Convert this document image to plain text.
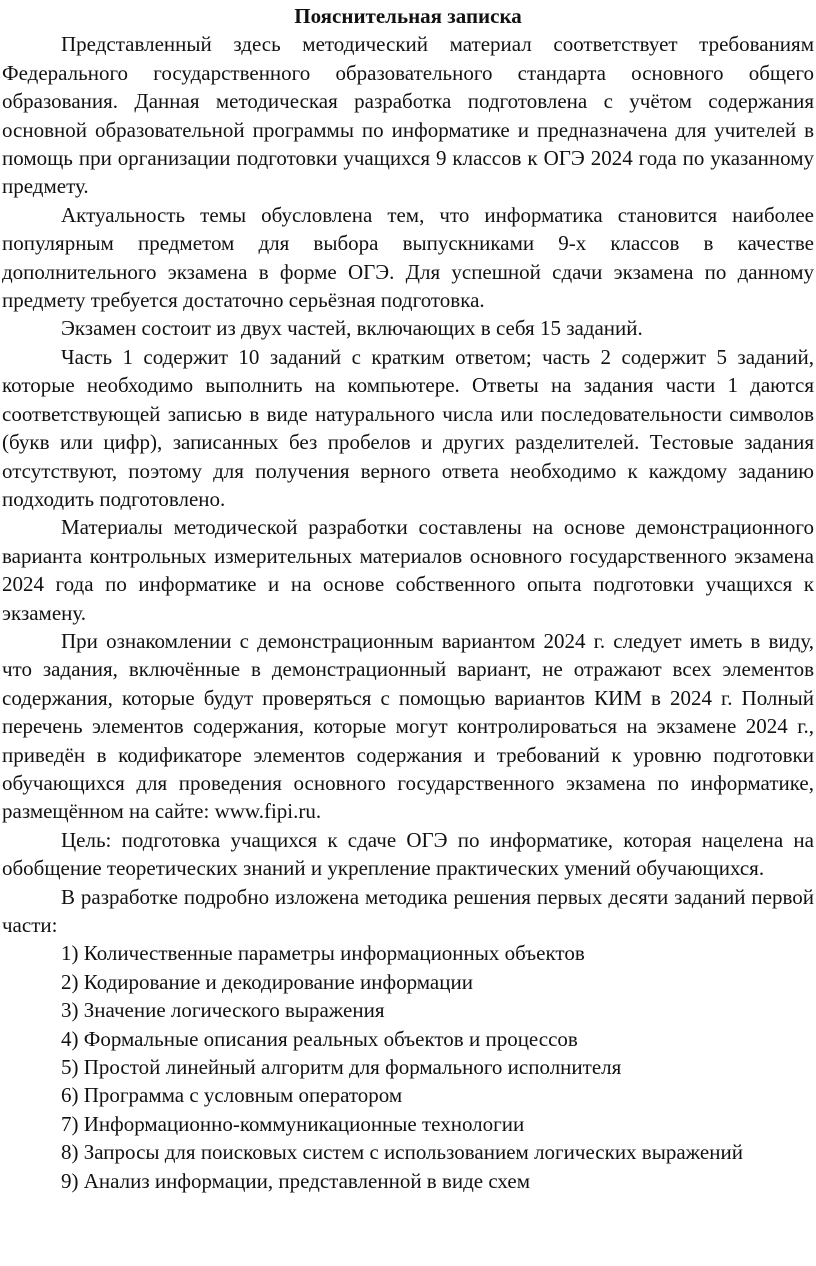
Пояснительная записка

Представленный здесь методический материал соответствует требованиям Федерального государственного образовательного стандарта основного общего образования. Данная методическая разработка подготовлена с учётом содержания основной образовательной программы по информатике и предназначена для учителей в помощь при организации подготовки учащихся 9 классов к ОГЭ 2024 года по указанному предмету.

Актуальность темы обусловлена тем, что информатика становится наиболее популярным предметом для выбора выпускниками 9-х классов в качестве дополнительного экзамена в форме ОГЭ. Для успешной сдачи экзамена по данному предмету требуется достаточно серьёзная подготовка.

Экзамен состоит из двух частей, включающих в себя 15 заданий.

Часть 1 содержит 10 заданий с кратким ответом; часть 2 содержит 5 заданий, которые необходимо выполнить на компьютере. Ответы на задания части 1 даются соответствующей записью в виде натурального числа или последовательности символов (букв или цифр), записанных без пробелов и других разделителей. Тестовые задания отсутствуют, поэтому для получения верного ответа необходимо к каждому заданию подходить подготовлено.

Материалы методической разработки составлены на основе демонстрационного варианта контрольных измерительных материалов основного государственного экзамена 2024 года по информатике и на основе собственного опыта подготовки учащихся к экзамену.

При ознакомлении с демонстрационным вариантом 2024 г. следует иметь в виду, что задания, включённые в демонстрационный вариант, не отражают всех элементов содержания, которые будут проверяться с помощью вариантов КИМ в 2024 г. Полный перечень элементов содержания, которые могут контролироваться на экзамене 2024 г., приведён в кодификаторе элементов содержания и требований к уровню подготовки обучающихся для проведения основного государственного экзамена по информатике, размещённом на сайте: www.fipi.ru.

Цель: подготовка учащихся к сдаче ОГЭ по информатике, которая нацелена на обобщение теоретических знаний и укрепление практических умений обучающихся.

В разработке подробно изложена методика решения первых десяти заданий первой части:

1) Количественные параметры информационных объектов
2) Кодирование и декодирование информации
3) Значение логического выражения
4) Формальные описания реальных объектов и процессов
5) Простой линейный алгоритм для формального исполнителя
6) Программа с условным оператором
7) Информационно-коммуникационные технологии
8) Запросы для поисковых систем с использованием логических выражений
9) Анализ информации, представленной в виде схем
